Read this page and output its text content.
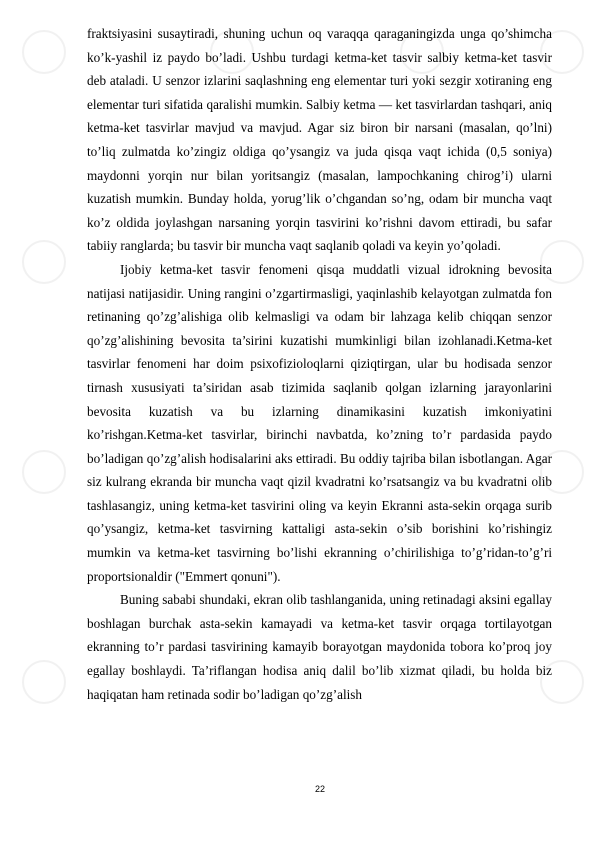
fraktsiyasini susaytiradi, shuning uchun oq varaqqa qaraganingizda unga qo’shimcha ko’k-yashil iz paydo bo’ladi. Ushbu turdagi ketma-ket tasvir salbiy ketma-ket tasvir deb ataladi. U senzor izlarini saqlashning eng elementar turi yoki sezgir xotiraning eng elementar turi sifatida qaralishi mumkin. Salbiy ketma — ket tasvirlardan tashqari, aniq ketma-ket tasvirlar mavjud va mavjud. Agar siz biron bir narsani (masalan, qo’lni) to’liq zulmatda ko’zingiz oldiga qo’ysangiz va juda qisqa vaqt ichida (0,5 soniya) maydonni yorqin nur bilan yoritsangiz (masalan, lampochkaning chirog’i) ularni kuzatish mumkin. Bunday holda, yorug’lik o’chgandan so’ng, odam bir muncha vaqt ko’z oldida joylashgan narsaning yorqin tasvirini ko’rishni davom ettiradi, bu safar tabiiy ranglarda; bu tasvir bir muncha vaqt saqlanib qoladi va keyin yo’qoladi.

Ijobiy ketma-ket tasvir fenomeni qisqa muddatli vizual idrokning bevosita natijasi natijasidir. Uning rangini o’zgartirmasligi, yaqinlashib kelayotgan zulmatda fon retinaning qo’zg’alishiga olib kelmasligi va odam bir lahzaga kelib chiqqan senzor qo’zg’alishining bevosita ta’sirini kuzatishi mumkinligi bilan izohlanadi.Ketma-ket tasvirlar fenomeni har doim psixofizioloqlarni qiziqtirgan, ular bu hodisada senzor tirnash xususiyati ta’siridan asab tizimida saqlanib qolgan izlarning jarayonlarini bevosita kuzatish va bu izlarning dinamikasini kuzatish imkoniyatini ko’rishgan.Ketma-ket tasvirlar, birinchi navbatda, ko’zning to’r pardasida paydo bo’ladigan qo’zg’alish hodisalarini aks ettiradi. Bu oddiy tajriba bilan isbotlangan. Agar siz kulrang ekranda bir muncha vaqt qizil kvadratni ko’rsatsangiz va bu kvadratni olib tashlasangiz, uning ketma-ket tasvirini oling va keyin Ekranni asta-sekin orqaga surib qo’ysangiz, ketma-ket tasvirning kattaligi asta-sekin o’sib borishini ko’rishingiz mumkin va ketma-ket tasvirning bo’lishi ekranning o’chirilishiga to’g’ridan-to’g’ri proportsionaldir ("Emmert qonuni").

Buning sababi shundaki, ekran olib tashlanganida, uning retinadagi aksini egallay boshlagan burchak asta-sekin kamayadi va ketma-ket tasvir orqaga tortilayotgan ekranning to’r pardasi tasvirining kamayib borayotgan maydonida tobora ko’proq joy egallay boshlaydi. Ta’riflangan hodisa aniq dalil bo’lib xizmat qiladi, bu holda biz haqiqatan ham retinada sodir bo’ladigan qo’zg’alish

22
